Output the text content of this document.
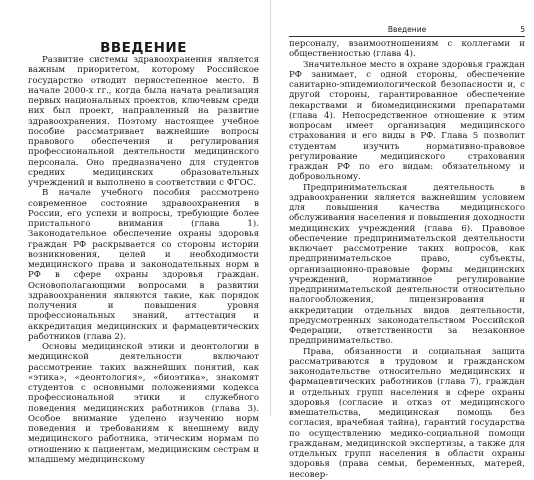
ВВЕДЕНИЕ

Развитие системы здравоохранения является важным приоритетом, которому Российское государство отводит первостепенное место. В начале 2000-х гг., когда была начата реализация первых национальных проектов, ключевым среди них был проект, направленный на развитие здравоохранения. Поэтому настоящее учебное пособие рассматривает важнейшие вопросы правового обеспечения и регулирования профессиональной деятельности медицинского персонала. Оно предназначено для студентов средних медицинских образовательных учреждений и выполнено в соответствии с ФГОС.

В начале учебного пособия рассмотрено современное состояние здравоохранения в России, его успехи и вопросы, требующие более пристального внимания (глава 1). Законодательное обеспечение охраны здоровья граждан РФ раскрывается со стороны истории возникновения, целей и необходимости медицинского права и законодательных норм в РФ в сфере охраны здоровья граждан. Основополагающими вопросами в развитии здравоохранения являются такие, как порядок получения и повышения уровня профессиональных знаний, аттестация и аккредитация медицинских и фармацевтических работников (глава 2).

Основы медицинской этики и деонтологии в медицинской деятельности включают рассмотрение таких важнейших понятий, как «этика», «деонтология», «биоэтика», знакомят студентов с основными положениями кодекса профессиональной этики и служебного поведения медицинских работников (глава 3). Особое внимание уделено изучению норм поведения и требованиям к внешнему виду медицинского работника, этическим нормам по отношению к пациентам, медицинским сестрам и младшему медицинскому

Введение	5

персоналу, взаимоотношениям с коллегами и общественностью (глава 4).

Значительное место в охране здоровья граждан РФ занимает, с одной стороны, обеспечение санитарно-эпидемиологической безопасности и, с другой стороны, гарантированное обеспечение лекарствами и биомедицинскими препаратами (глава 4). Непосредственное отношение к этим вопросам имеет организация медицинского страхования и его виды в РФ. Глава 5 позволит студентам изучить нормативно-правовое регулирование медицинского страхования граждан РФ по его видам: обязательному и добровольному.

Предпринимательская деятельность в здравоохранении является важнейшим условием для повышения качества медицинского обслуживания населения и повышения доходности медицинских учреждений (глава 6). Правовое обеспечение предпринимательской деятельности включает рассмотрение таких вопросов, как предпринимательское право, субъекты, организационно-правовые формы медицинских учреждений, нормативное регулирование предпринимательской деятельности относительно налогообложения, лицензирования и аккредитации отдельных видов деятельности, предусмотренных законодательством Российской Федерации, ответственности за незаконное предпринимательство.

Права, обязанности и социальная защита рассматриваются в трудовом и гражданском законодательстве относительно медицинских и фармацевтических работников (глава 7), граждан и отдельных групп населения в сфере охраны здоровья (согласие и отказ от медицинского вмешательства, медицинская помощь без согласия, врачебная тайна), гарантий государства по осуществлению медико-социальной помощи гражданам, медицинской экспертизы, а также для отдельных групп населения в области охраны здоровья (права семьи, беременных, матерей, несовер-
